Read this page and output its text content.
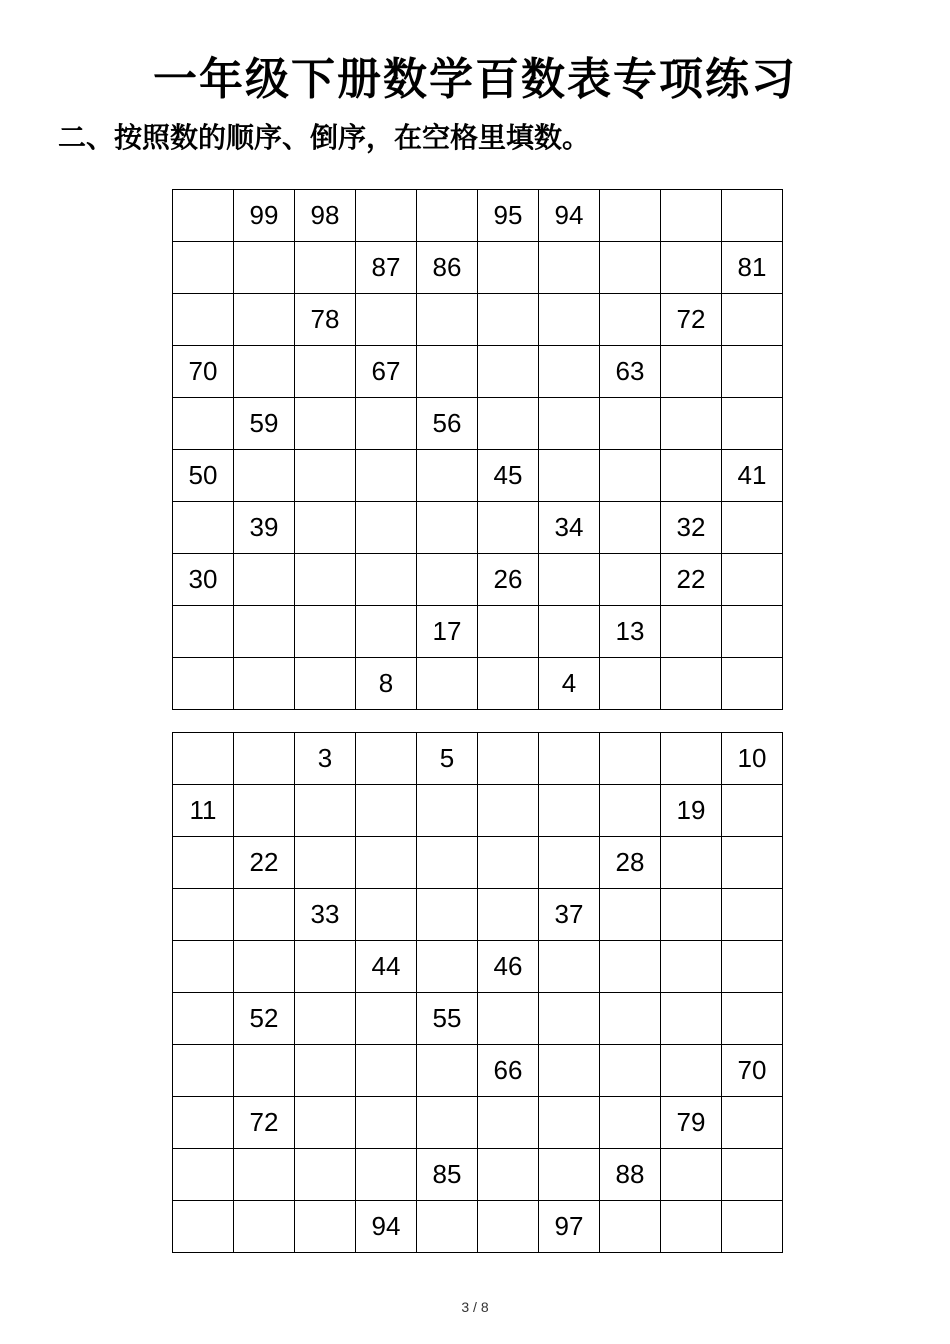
一年级下册数学百数表专项练习
二、按照数的顺序、倒序，在空格里填数。
	99	98			95	94			
			87	86					81
		78						72	
70			67				63		
	59			56					
50					45				41
	39					34		32	
30					26			22	
				17			13		
			8			4			
		3		5					10
11								19	
	22						28		
		33				37			
			44		46				
	52			55					
					66				70
	72							79	
				85			88		
			94			97			
3 / 8
